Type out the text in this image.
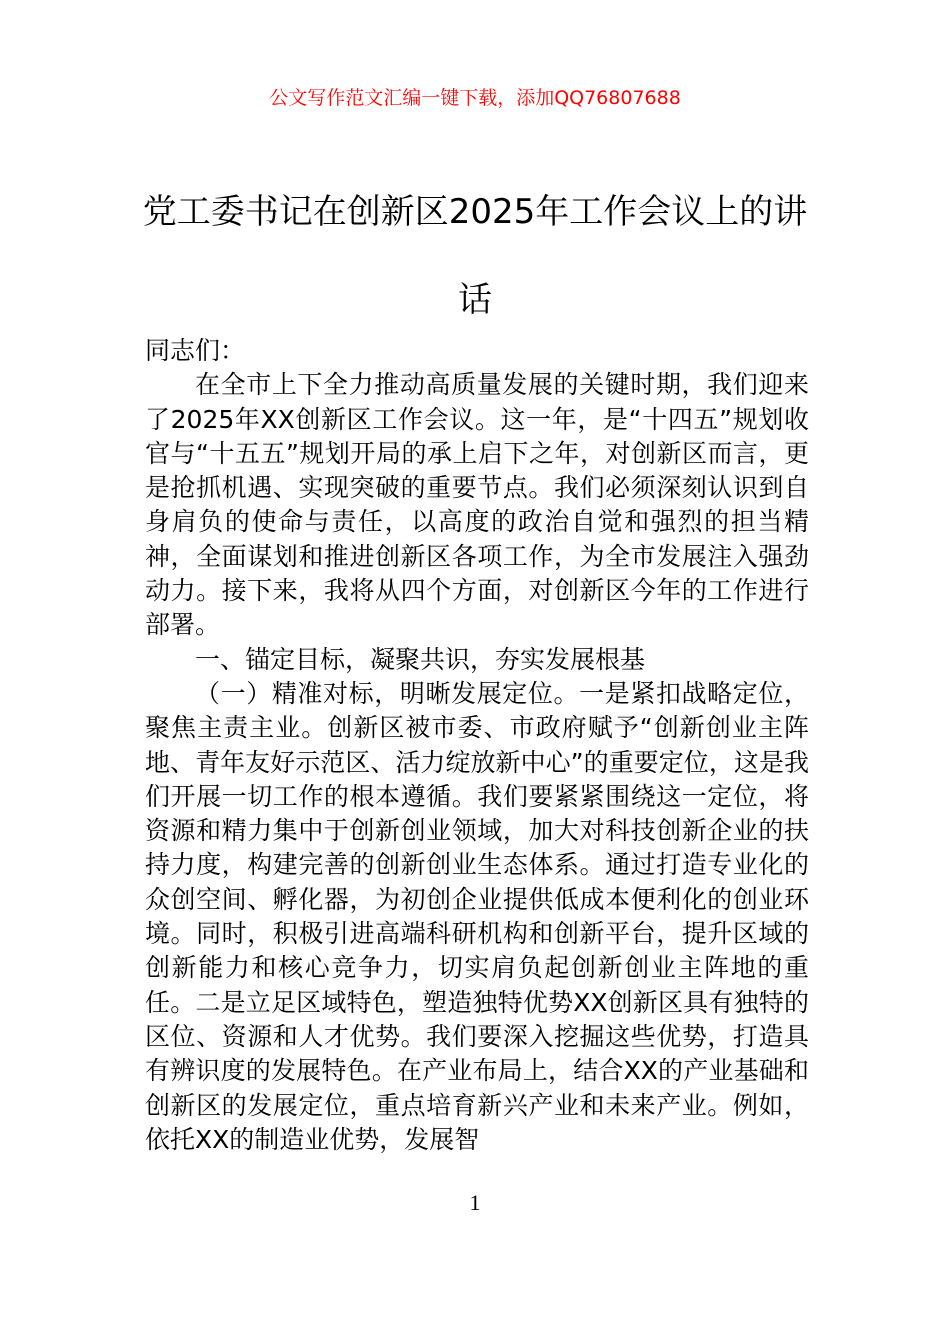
公文写作范文汇编一键下载，添加QQ76807688
党工委书记在创新区2025年工作会议上的讲话

同志们：

在全市上下全力推动高质量发展的关键时期，我们迎来了2025年XX创新区工作会议。这一年，是“十四五”规划收官与“十五五”规划开局的承上启下之年，对创新区而言，更是抢抓机遇、实现突破的重要节点。我们必须深刻认识到自身肩负的使命与责任，以高度的政治自觉和强烈的担当精神，全面谋划和推进创新区各项工作，为全市发展注入强劲动力。接下来，我将从四个方面，对创新区今年的工作进行部署。

一、锚定目标，凝聚共识，夯实发展根基

（一）精准对标，明晰发展定位。一是紧扣战略定位，聚焦主责主业。创新区被市委、市政府赋予“创新创业主阵地、青年友好示范区、活力绽放新中心”的重要定位，这是我们开展一切工作的根本遵循。我们要紧紧围绕这一定位，将资源和精力集中于创新创业领域，加大对科技创新企业的扶持力度，构建完善的创新创业生态体系。通过打造专业化的众创空间、孵化器，为初创企业提供低成本便利化的创业环境。同时，积极引进高端科研机构和创新平台，提升区域的创新能力和核心竞争力，切实肩负起创新创业主阵地的重任。二是立足区域特色，塑造独特优势XX创新区具有独特的区位、资源和人才优势。我们要深入挖掘这些优势，打造具有辨识度的发展特色。在产业布局上，结合XX的产业基础和创新区的发展定位，重点培育新兴产业和未来产业。例如，依托XX的制造业优势，发展智

1
